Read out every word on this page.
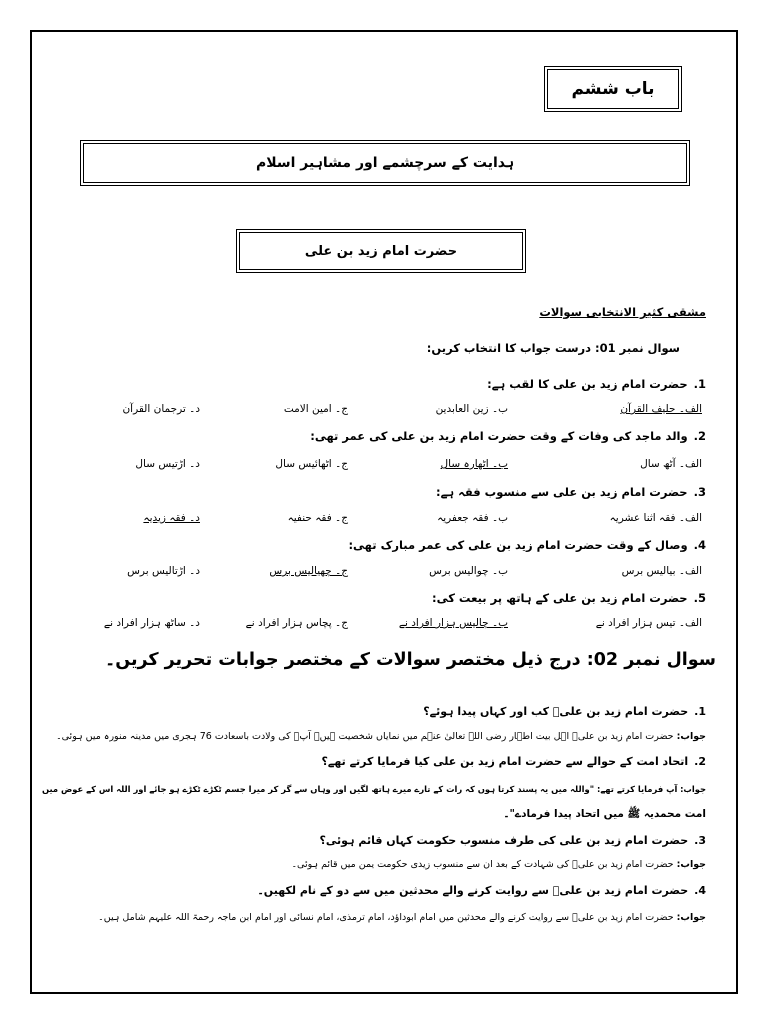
باب ششم
ہدایت کے سرچشمے اور مشاہیر اسلام
حضرت امام زید بن علی
مشقی کثیر الانتخابی سوالات
سوال نمبر 01: درست جواب کا انتخاب کریں:
1.حضرت امام زید بن علی کا لقب ہے:
الف۔ حلیف القرآن
ب۔ زین العابدین
ج۔ امین الامت
د۔ ترجمان القرآن
2.والد ماجد کی وفات کے وقت حضرت امام زید بن علی کی عمر تھی:
الف۔ آٹھ سال
ب۔ اٹھارہ سال
ج۔ اٹھائیس سال
د۔ اڑتیس سال
3.حضرت امام زید بن علی سے منسوب فقہ ہے:
الف۔ فقہ اثنا عشریہ
ب۔ فقہ جعفریہ
ج۔ فقہ حنفیہ
د۔ فقہ زیدیہ
4.وصال کے وقت حضرت امام زید بن علی کی عمر مبارک تھی:
الف۔ بیالیس برس
ب۔ چوالیس برس
ج۔ چھیالیس برس
د۔ اڑتالیس برس
5.حضرت امام زید بن علی کے ہاتھ پر بیعت کی:
الف۔ تیس ہزار افراد نے
ب۔ چالیس ہزار افراد نے
ج۔ پچاس ہزار افراد نے
د۔ ساٹھ ہزار افراد نے
سوال نمبر 02: درج ذیل مختصر سوالات کے مختصر جوابات تحریر کریں۔
1.حضرت امام زید بن علیؓ کب اور کہاں پیدا ہوئے؟
جواب: حضرت امام زید بن علیؓ اہل بیت اطہار رضی اللہ تعالیٰ عنہم میں نمایاں شخصیت ہیں۔ آپؓ کی ولادت باسعادت 76 ہجری میں مدینہ منورہ میں ہوئی۔
2.اتحاد امت کے حوالے سے حضرت امام زید بن علی کیا فرمایا کرتے تھے؟
جواب: آپ فرمایا کرتے تھے: "واللہ میں یہ پسند کرتا ہوں کہ رات کے تارے میرے ہاتھ لگیں اور وہاں سے گر کر میرا جسم ٹکڑے ٹکڑے ہو جائے اور اللہ اس کے عوض میں
امت محمدیہ ﷺ میں اتحاد پیدا فرمادے"۔
3.حضرت امام زید بن علی کی طرف منسوب حکومت کہاں قائم ہوئی؟
جواب: حضرت امام زید بن علیؓ کی شہادت کے بعد ان سے منسوب زیدی حکومت یمن میں قائم ہوئی۔
4.حضرت امام زید بن علیؓ سے روایت کرنے والے محدثین میں سے دو کے نام لکھیں۔
جواب: حضرت امام زید بن علیؓ سے روایت کرنے والے محدثین میں امام ابوداؤد، امام ترمذی، امام نسائی اور امام ابن ماجہ رحمۃ اللہ علیہم شامل ہیں۔
